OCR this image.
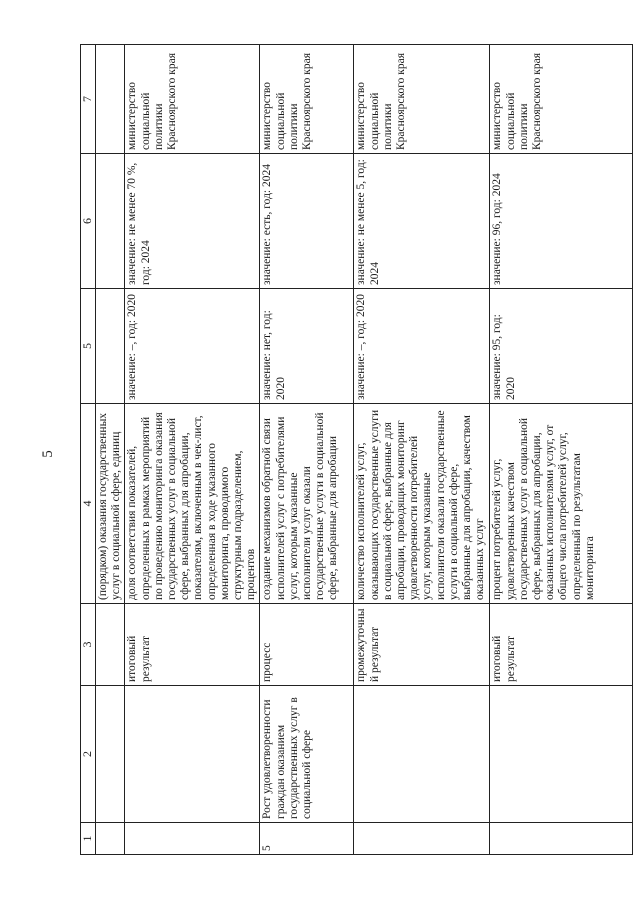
5
1	2	3	4	5	6	7
			(порядком) оказания государственных услуг в социальной сфере, единиц			
		итоговый результат	доля соответствия показателей, определенных в рамках мероприятий по проведению мониторинга оказания государственных услуг в социальной сфере, выбранных для апробации, показателям, включенным в чек-лист, определенная в ходе указанного мониторинга, проводимого структурным подразделением, процентов	значение: –, год: 2020	значение: не менее 70 %, год: 2024	министерство социальной политики Красноярского края
5	Рост удовлетворенности граждан оказанием государственных услуг в социальной сфере	процесс	создание механизмов обратной связи исполнителей услуг с потребителями услуг, которым указанные исполнители услуг оказали государственные услуги в социальной сфере, выбранные для апробации	значение: нет, год: 2020	значение: есть, год: 2024	министерство социальной политики Красноярского края
		промежуточный результат	количество исполнителей услуг, оказывающих государственные услуги в социальной сфере, выбранные для апробации, проводящих мониторинг удовлетворенности потребителей услуг, которым указанные исполнители оказали государственные услуги в социальной сфере, выбранные для апробации, качеством оказанных услуг	значение: –, год: 2020	значение: не менее 5, год: 2024	министерство социальной политики Красноярского края
		итоговый результат	процент потребителей услуг, удовлетворенных качеством государственных услуг в социальной сфере, выбранных для апробации, оказанных исполнителями услуг, от общего числа потребителей услуг, определенный по результатам мониторинга	значение: 95, год: 2020	значение: 96, год: 2024	министерство социальной политики Красноярского края
